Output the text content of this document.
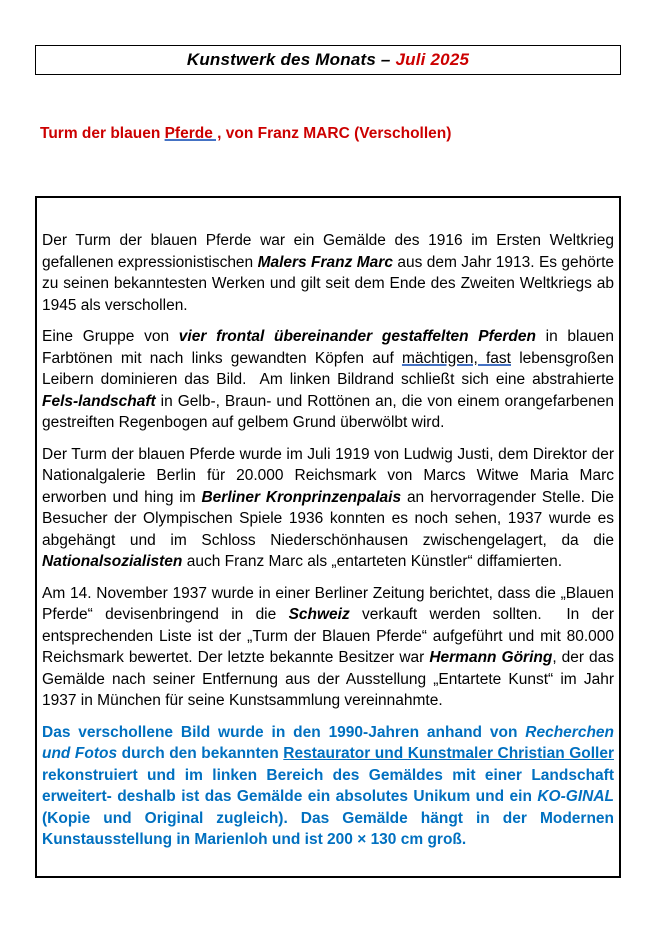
Kunstwerk des Monats – Juli 2025
Turm der blauen Pferde , von Franz MARC (Verschollen)

Der Turm der blauen Pferde war ein Gemälde des 1916 im Ersten Weltkrieg gefallenen expressionistischen Malers Franz Marc aus dem Jahr 1913. Es gehörte zu seinen bekanntesten Werken und gilt seit dem Ende des Zweiten Weltkriegs ab 1945 als verschollen.

Eine Gruppe von vier frontal übereinander gestaffelten Pferden in blauen Farbtönen mit nach links gewandten Köpfen auf mächtigen, fast lebensgroßen Leibern dominieren das Bild.  Am linken Bildrand schließt sich eine abstrahierte Fels-landschaft in Gelb-, Braun- und Rottönen an, die von einem orangefarbenen gestreiften Regenbogen auf gelbem Grund überwölbt wird.

Der Turm der blauen Pferde wurde im Juli 1919 von Ludwig Justi, dem Direktor der Nationalgalerie Berlin für 20.000 Reichsmark von Marcs Witwe Maria Marc erworben und hing im Berliner Kronprinzenpalais an hervorragender Stelle. Die Besucher der Olympischen Spiele 1936 konnten es noch sehen, 1937 wurde es abgehängt und im Schloss Niederschönhausen zwischengelagert, da die Nationalsozialisten auch Franz Marc als „entarteten Künstler“ diffamierten.

Am 14. November 1937 wurde in einer Berliner Zeitung berichtet, dass die „Blauen Pferde“ devisenbringend in die Schweiz verkauft werden sollten.  In der entsprechenden Liste ist der „Turm der Blauen Pferde“ aufgeführt und mit 80.000 Reichsmark bewertet. Der letzte bekannte Besitzer war Hermann Göring, der das Gemälde nach seiner Entfernung aus der Ausstellung „Entartete Kunst“ im Jahr 1937 in München für seine Kunstsammlung vereinnahmte.

Das verschollene Bild wurde in den 1990-Jahren anhand von Recherchen und Fotos durch den bekannten Restaurator und Kunstmaler Christian Goller rekonstruiert und im linken Bereich des Gemäldes mit einer Landschaft erweitert- deshalb ist das Gemälde ein absolutes Unikum und ein KO-GINAL (Kopie und Original zugleich). Das Gemälde hängt in der Modernen Kunstausstellung in Marienloh und ist 200 × 130 cm groß.
